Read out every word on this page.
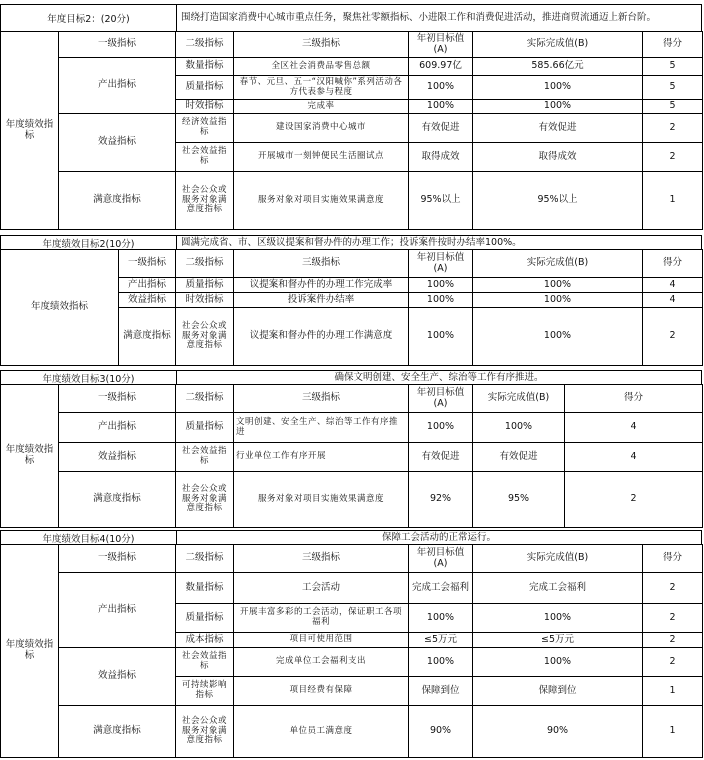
年度目标2：(20分)	围绕打造国家消费中心城市重点任务，聚焦社零额指标、小进限工作和消费促进活动，推进商贸流通迈上新台阶。
年度绩效指标	一级指标	二级指标	三级指标	年初目标值(A)	实际完成值(B)	得分
	产出指标	数量指标	全区社会消费品零售总额	609.97亿	585.66亿元	5
		质量指标	春节、元旦、五一“汉阳喊你”系列活动各方代表参与程度	100%	100%	5
		时效指标	完成率	100%	100%	5
	效益指标	经济效益指标	建设国家消费中心城市	有效促进	有效促进	2
		社会效益指标	开展城市一刻钟便民生活圈试点	取得成效	取得成效	2
	满意度指标	社会公众或服务对象满意度指标	服务对象对项目实施效果满意度	95%以上	95%以上	1
年度绩效目标2(10分)	圆满完成省、市、区级议提案和督办件的办理工作；投诉案件按时办结率100%。
年度绩效指标	一级指标	二级指标	三级指标	年初目标值(A)	实际完成值(B)	得分
	产出指标	质量指标	议提案和督办件的办理工作完成率	100%	100%	4
	效益指标	时效指标	投诉案件办结率	100%	100%	4
	满意度指标	社会公众或服务对象满意度指标	议提案和督办件的办理工作满意度	100%	100%	2
年度绩效目标3(10分)	确保文明创建、安全生产、综治等工作有序推进。
年度绩效指标	一级指标	二级指标	三级指标	年初目标值(A)	实际完成值(B)	得分
	产出指标	质量指标	文明创建、安全生产、综治等工作有序推进	100%	100%	4
	效益指标	社会效益指标	行业单位工作有序开展	有效促进	有效促进	4
	满意度指标	社会公众或服务对象满意度指标	服务对象对项目实施效果满意度	92%	95%	2
年度绩效目标4(10分)	保障工会活动的正常运行。
年度绩效指标	一级指标	二级指标	三级指标	年初目标值(A)	实际完成值(B)	得分
	产出指标	数量指标	工会活动	完成工会福利	完成工会福利	2
		质量指标	开展丰富多彩的工会活动，保证职工各项福利	100%	100%	2
		成本指标	项目可使用范围	≤5万元	≤5万元	2
	效益指标	社会效益指标	完成单位工会福利支出	100%	100%	2
		可持续影响指标	项目经费有保障	保障到位	保障到位	1
	满意度指标	社会公众或服务对象满意度指标	单位员工满意度	90%	90%	1
